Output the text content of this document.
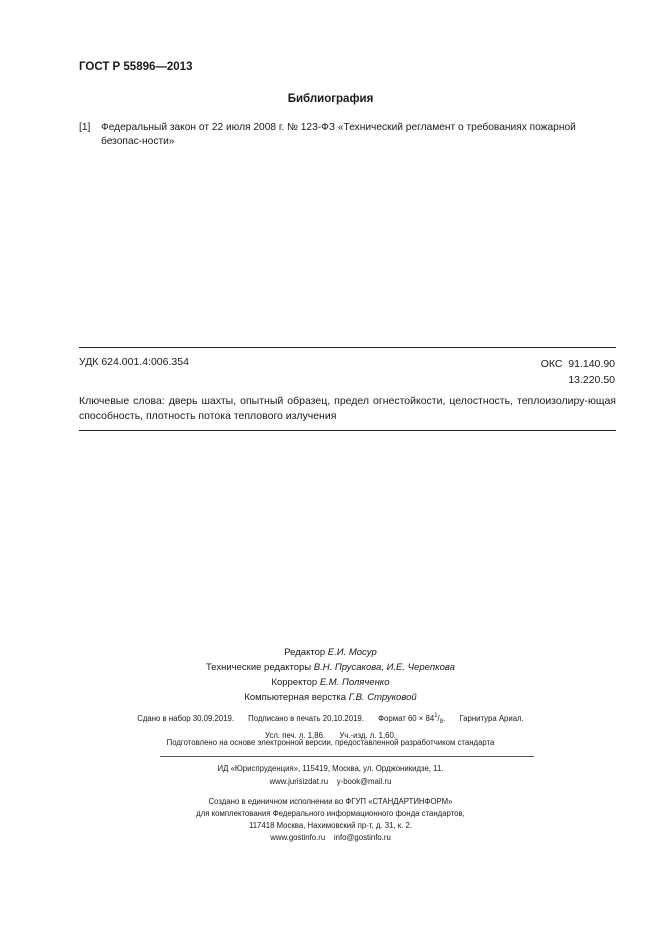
ГОСТ Р 55896—2013
Библиография
[1] Федеральный закон от 22 июля 2008 г. № 123-ФЗ «Технический регламент о требованиях пожарной безопас-ности»
УДК 624.001.4:006.354	ОКС 91.140.90
13.220.50
Ключевые слова: дверь шахты, опытный образец, предел огнестойкости, целостность, теплоизолиру-ющая способность, плотность потока теплового излучения
Редактор Е.И. Мосур
Технические редакторы В.Н. Прусакова, И.Е. Черепкова
Корректор Е.М. Поляченко
Компьютерная верстка Г.В. Струковой
Сдано в набор 30.09.2019. Подписано в печать 20.10.2019. Формат $60 \times 84^1/_8$. Гарнитура Ариал.
Усл. печ. л. 1,86. Уч.-изд. л. 1,60.
Подготовлено на основе электронной версии, предоставленной разработчиком стандарта
ИД «Юриспруденция», 115419, Москва, ул. Орджоникидзе, 11.
www.jurisizdat.ru y-book@mail.ru
Создано в единичном исполнении во ФГУП «СТАНДАРТИНФОРМ»
для комплектования Федерального информационного фонда стандартов,
117418 Москва, Нахимовский пр-т, д. 31, к. 2.
www.gostinfo.ru info@gostinfo.ru
